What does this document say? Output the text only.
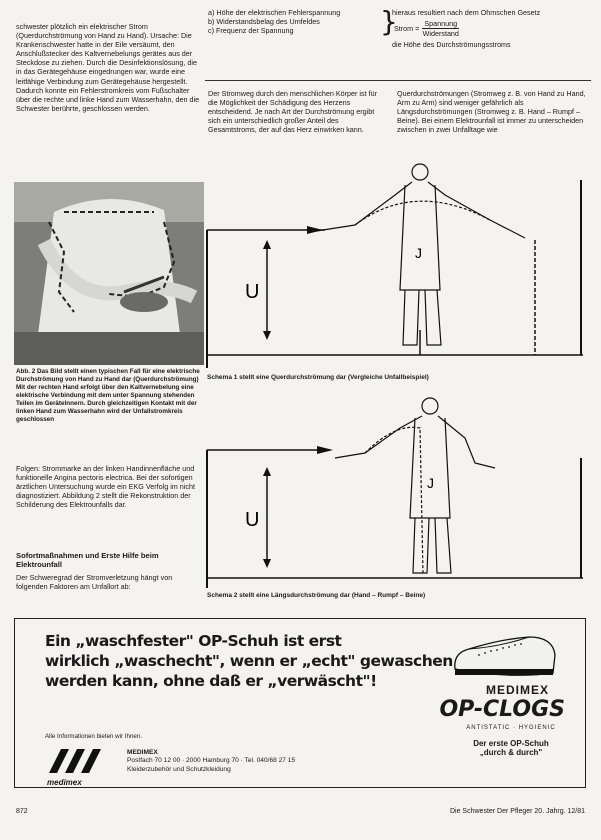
schwester plötzlich ein elektrischer Strom (Querdurchströmung von Hand zu Hand). Ursache: Die Krankenschwester hatte in der Eile versäumt, den Anschlußstecker des Kaltvernebelungs gerätes aus der Steckdose zu ziehen. Durch die Desinfektionslösung, die in das Gerätegehäuse eingedrungen war, wurde eine leitfähige Verbindung zum Gerätegehäuse hergestellt. Dadurch konnte ein Fehlerstromkreis vom Fußschalter über die rechte und linke Hand zum Wasserhahn, den die Schwester berührte, geschlossen werden.

a) Höhe der elektrischen Fehlerspannung

b) Widerstandsbelag des Umfeldes

c) Frequenz der Spannung	}

hieraus resultiert nach dem Ohmschen Gesetz

Strom =
Spannung
Widerstand

die Höhe des Durchströmungsstroms

Der Stromweg durch den menschlichen Körper ist für die Möglichkeit der Schädigung des Herzens entscheidend. Je nach Art der Durchströmung ergibt sich ein unterschiedlich großer Anteil des Gesamtstroms, der auf das Herz einwirken kann.

Querdurchströmungen (Stromweg z. B. von Hand zu Hand, Arm zu Arm) sind weniger gefährlich als Längsdurchströmungen (Stromweg z. B. Hand – Rumpf – Beine). Bei einem Elektrounfall ist immer zu unterscheiden zwischen in zwei Unfalltage wie

Abb. 2 Das Bild stellt einen typischen Fall für eine elektrische Durchströmung von Hand zu Hand dar (Querdurchströmung) Mit der rechten Hand erfolgt über den Kaltvernebelung eine elektrische Verbindung mit dem unter Spannung stehenden Teilen im Gerätelnnern. Durch gleichzeitigen Kontakt mit der linken Hand zum Wasserhahn wird der Unfallstromkreis geschlossen

Folgen: Strommarke an der linken Handinnenfläche und funktionelle Angina pectoris electrica. Bei der sofortigen ärztlichen Untersuchung wurde ein EKG Verfolg im nicht diagnostiziert. Abbildung 2 stellt die Rekonstruktion der Schilderung des Elektrounfalls dar.

Sofortmaßnahmen und Erste Hilfe beim Elektrounfall

Der Schweregrad der Stromverletzung hängt von folgenden Faktoren am Unfallort ab:

U
J

Schema 1 stellt eine Querdurchströmung dar (Vergleiche Unfallbeispiel)

U
J

Schema 2 stellt eine Längsdurchströmung dar (Hand – Rumpf – Beine)

Ein „waschfester" OP-Schuh ist erst
wirklich „waschecht", wenn er „echt" gewaschen
werden kann, ohne daß er „verwäscht"!
Alle Informationen bieten wir Ihnen.
medimex
MEDIMEX
Postfach 70 12 00 · 2000 Hamburg 70 · Tel. 040/68 27 15
Kleiderzubehör und Schutzkleidung
MEDIMEX
OP-CLOGS
ANTISTATIC · HYGIENIC
Der erste OP-Schuh
„durch & durch"
872	Die Schwester Der Pfleger 20. Jahrg. 12/81
